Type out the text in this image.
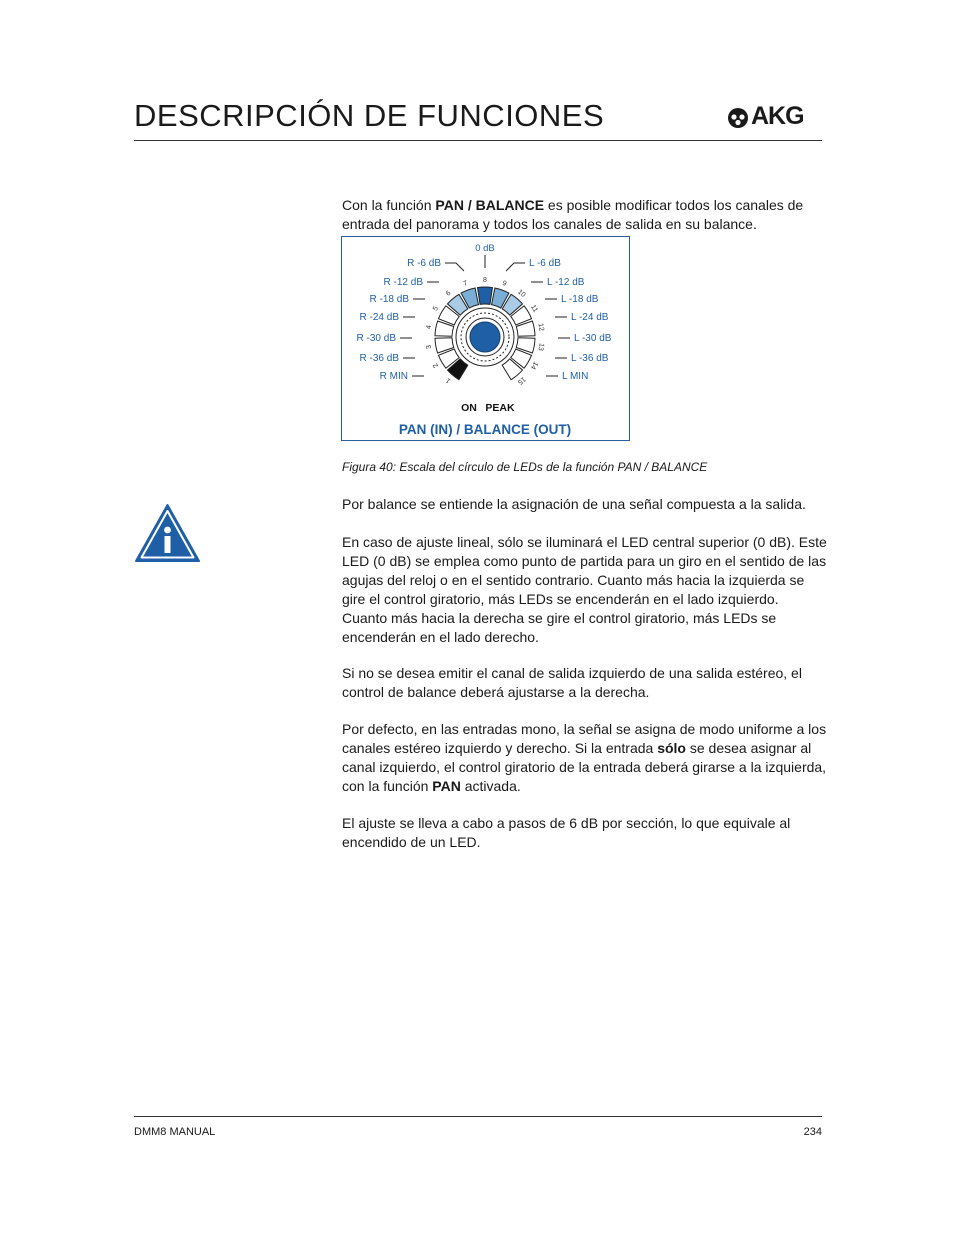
DESCRIPCIÓN DE FUNCIONES	AKG

Con la función PAN / BALANCE es posible modificar todos los canales de entrada del panorama y todos los canales de salida en su balance.

1
2
3
4
5
6
7 8 9
10
11
12
13
14
15
0 dB
R -6 dB
R -12 dB
R -18 dB
R -24 dB
R -30 dB
R -36 dB
R MIN
L -6 dB
L -12 dB
L -18 dB
L -24 dB
L -30 dB
L -36 dB
L MIN
ON PEAK
PAN (IN) / BALANCE (OUT)
Figura 40: Escala del círculo de LEDs de la función PAN / BALANCE

Por balance se entiende la asignación de una señal compuesta a la salida.

En caso de ajuste lineal, sólo se iluminará el LED central superior (0 dB). Este LED (0 dB) se emplea como punto de partida para un giro en el sentido de las agujas del reloj o en el sentido contrario. Cuanto más hacia la izquierda se gire el control giratorio, más LEDs se encenderán en el lado izquierdo. Cuanto más hacia la derecha se gire el control giratorio, más LEDs se encenderán en el lado derecho.

Si no se desea emitir el canal de salida izquierdo de una salida estéreo, el control de balance deberá ajustarse a la derecha.

Por defecto, en las entradas mono, la señal se asigna de modo uniforme a los canales estéreo izquierdo y derecho. Si la entrada sólo se desea asignar al canal izquierdo, el control giratorio de la entrada deberá girarse a la izquierda, con la función PAN activada.

El ajuste se lleva a cabo a pasos de 6 dB por sección, lo que equivale al encendido de un LED.

DMM8 MANUAL	234
